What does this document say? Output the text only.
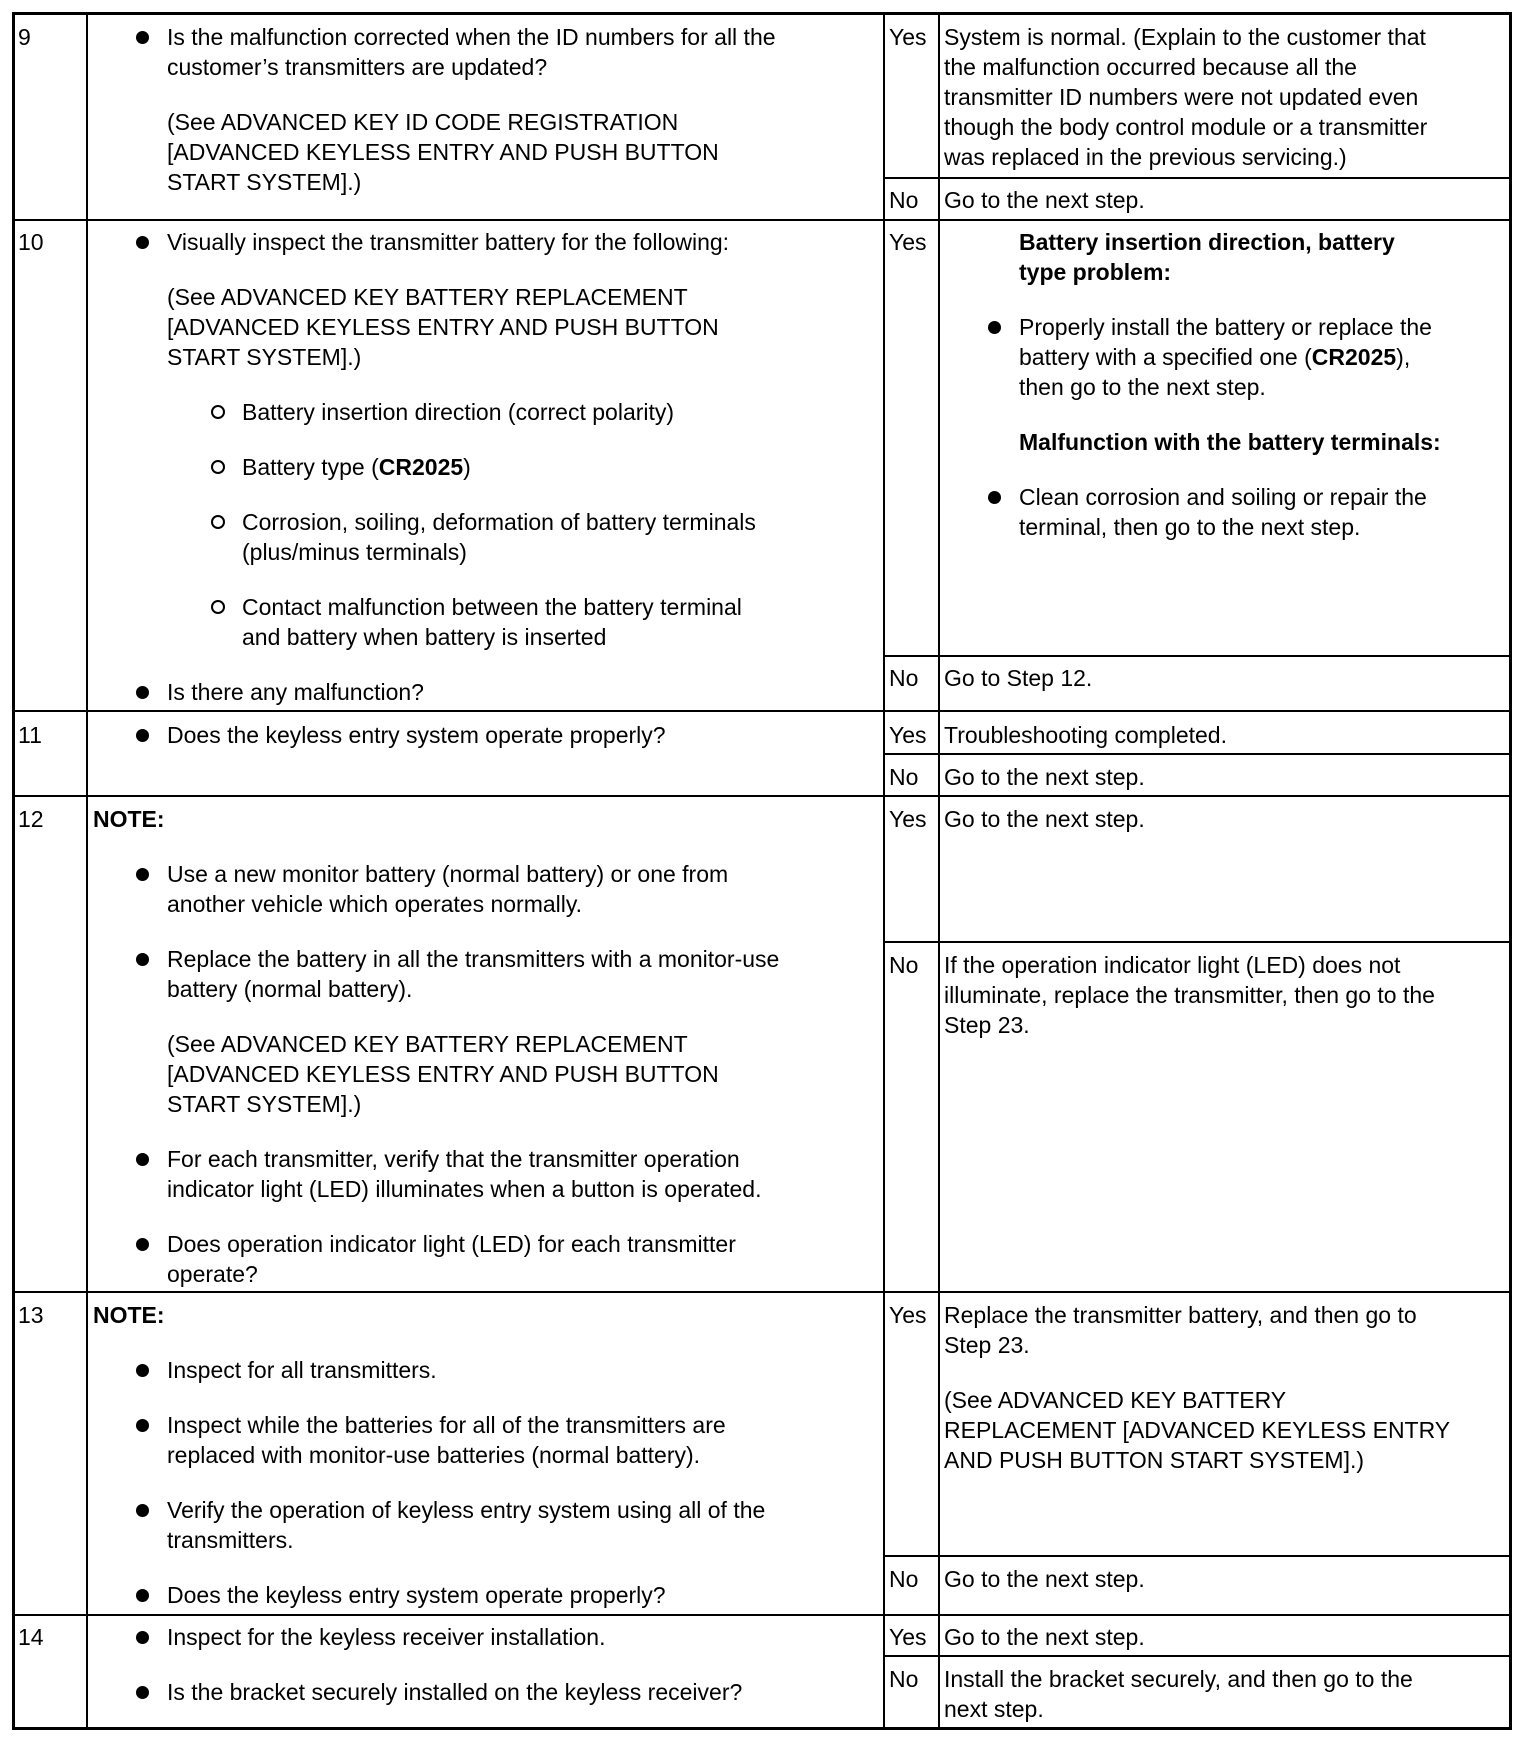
9	Is the malfunction corrected when the ID numbers for all the
customer’s transmitters are updated?
(See ADVANCED KEY ID CODE REGISTRATION
[ADVANCED KEYLESS ENTRY AND PUSH BUTTON
START SYSTEM].)
Yes System is normal. (Explain to the customer that
the malfunction occurred because all the
transmitter ID numbers were not updated even
though the body control module or a transmitter
was replaced in the previous servicing.)
No Go to the next step.
10	Visually inspect the transmitter battery for the following:
(See ADVANCED KEY BATTERY REPLACEMENT
[ADVANCED KEYLESS ENTRY AND PUSH BUTTON
START SYSTEM].)
Battery insertion direction (correct polarity)
Battery type (CR2025)
Corrosion, soiling, deformation of battery terminals
(plus/minus terminals)
Contact malfunction between the battery terminal
and battery when battery is inserted
Is there any malfunction?
Yes	Battery insertion direction, battery
type problem:
Properly install the battery or replace the
battery with a specified one (CR2025),
then go to the next step.
Malfunction with the battery terminals:
Clean corrosion and soiling or repair the
terminal, then go to the next step.
No Go to Step 12.
11	Does the keyless entry system operate properly?	Yes Troubleshooting completed.
No Go to the next step.
12 NOTE:
Use a new monitor battery (normal battery) or one from
another vehicle which operates normally.
Replace the battery in all the transmitters with a monitor-use
battery (normal battery).
(See ADVANCED KEY BATTERY REPLACEMENT
[ADVANCED KEYLESS ENTRY AND PUSH BUTTON
START SYSTEM].)
For each transmitter, verify that the transmitter operation
indicator light (LED) illuminates when a button is operated.
Does operation indicator light (LED) for each transmitter
operate?
Yes Go to the next step.
No If the operation indicator light (LED) does not
illuminate, replace the transmitter, then go to the
Step 23.
13 NOTE:
Inspect for all transmitters.
Inspect while the batteries for all of the transmitters are
replaced with monitor-use batteries (normal battery).
Verify the operation of keyless entry system using all of the
transmitters.
Does the keyless entry system operate properly?
Yes Replace the transmitter battery, and then go to
Step 23.
(See ADVANCED KEY BATTERY
REPLACEMENT [ADVANCED KEYLESS ENTRY
AND PUSH BUTTON START SYSTEM].)
No Go to the next step.
14	Inspect for the keyless receiver installation.
Is the bracket securely installed on the keyless receiver?
Yes Go to the next step.
No Install the bracket securely, and then go to the
next step.
